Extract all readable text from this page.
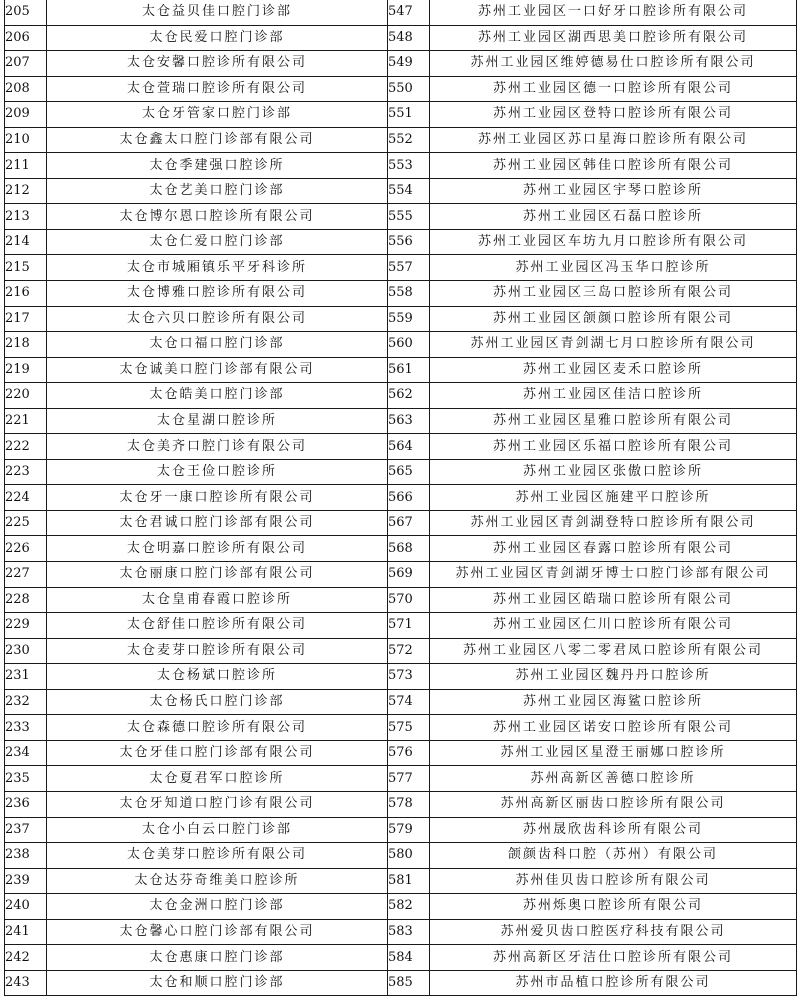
205	太仓益贝佳口腔门诊部	547	苏州工业园区一口好牙口腔诊所有限公司
206	太仓民爱口腔门诊部	548	苏州工业园区湖西思美口腔诊所有限公司
207	太仓安馨口腔诊所有限公司	549	苏州工业园区维婷德易仕口腔诊所有限公司
208	太仓萱瑞口腔诊所有限公司	550	苏州工业园区德一口腔诊所有限公司
209	太仓牙管家口腔门诊部	551	苏州工业园区登特口腔诊所有限公司
210	太仓鑫太口腔门诊部有限公司	552	苏州工业园区苏口星海口腔诊所有限公司
211	太仓季建强口腔诊所	553	苏州工业园区韩佳口腔诊所有限公司
212	太仓艺美口腔门诊部	554	苏州工业园区宇琴口腔诊所
213	太仓博尔恩口腔诊所有限公司	555	苏州工业园区石磊口腔诊所
214	太仓仁爱口腔门诊部	556	苏州工业园区车坊九月口腔诊所有限公司
215	太仓市城厢镇乐平牙科诊所	557	苏州工业园区冯玉华口腔诊所
216	太仓博雅口腔诊所有限公司	558	苏州工业园区三岛口腔诊所有限公司
217	太仓六贝口腔诊所有限公司	559	苏州工业园区颌颜口腔诊所有限公司
218	太仓口福口腔门诊部	560	苏州工业园区青剑湖七月口腔诊所有限公司
219	太仓诚美口腔门诊部有限公司	561	苏州工业园区麦禾口腔诊所
220	太仓皓美口腔门诊部	562	苏州工业园区佳洁口腔诊所
221	太仓星湖口腔诊所	563	苏州工业园区星雅口腔诊所有限公司
222	太仓美齐口腔门诊有限公司	564	苏州工业园区乐福口腔诊所有限公司
223	太仓王俭口腔诊所	565	苏州工业园区张傲口腔诊所
224	太仓牙一康口腔诊所有限公司	566	苏州工业园区施建平口腔诊所
225	太仓君诚口腔门诊部有限公司	567	苏州工业园区青剑湖登特口腔诊所有限公司
226	太仓明嘉口腔诊所有限公司	568	苏州工业园区春露口腔诊所有限公司
227	太仓丽康口腔门诊部有限公司	569	苏州工业园区青剑湖牙博士口腔门诊部有限公司
228	太仓皇甫春霞口腔诊所	570	苏州工业园区皓瑞口腔诊所有限公司
229	太仓舒佳口腔诊所有限公司	571	苏州工业园区仁川口腔诊所有限公司
230	太仓麦芽口腔诊所有限公司	572	苏州工业园区八零二零君凤口腔诊所有限公司
231	太仓杨斌口腔诊所	573	苏州工业园区魏丹丹口腔诊所
232	太仓杨氏口腔门诊部	574	苏州工业园区海鲨口腔诊所
233	太仓森德口腔诊所有限公司	575	苏州工业园区诺安口腔诊所有限公司
234	太仓牙佳口腔门诊部有限公司	576	苏州工业园区星澄王丽娜口腔诊所
235	太仓夏君军口腔诊所	577	苏州高新区善德口腔诊所
236	太仓牙知道口腔门诊有限公司	578	苏州高新区丽齿口腔诊所有限公司
237	太仓小白云口腔门诊部	579	苏州晟欣齿科诊所有限公司
238	太仓美芽口腔诊所有限公司	580	颌颜齿科口腔（苏州）有限公司
239	太仓达芬奇维美口腔诊所	581	苏州佳贝齿口腔诊所有限公司
240	太仓金洲口腔门诊部	582	苏州烁奥口腔诊所有限公司
241	太仓馨心口腔门诊部有限公司	583	苏州爱贝齿口腔医疗科技有限公司
242	太仓惠康口腔门诊部	584	苏州高新区牙洁仕口腔诊所有限公司
243	太仓和顺口腔门诊部	585	苏州市品植口腔诊所有限公司
